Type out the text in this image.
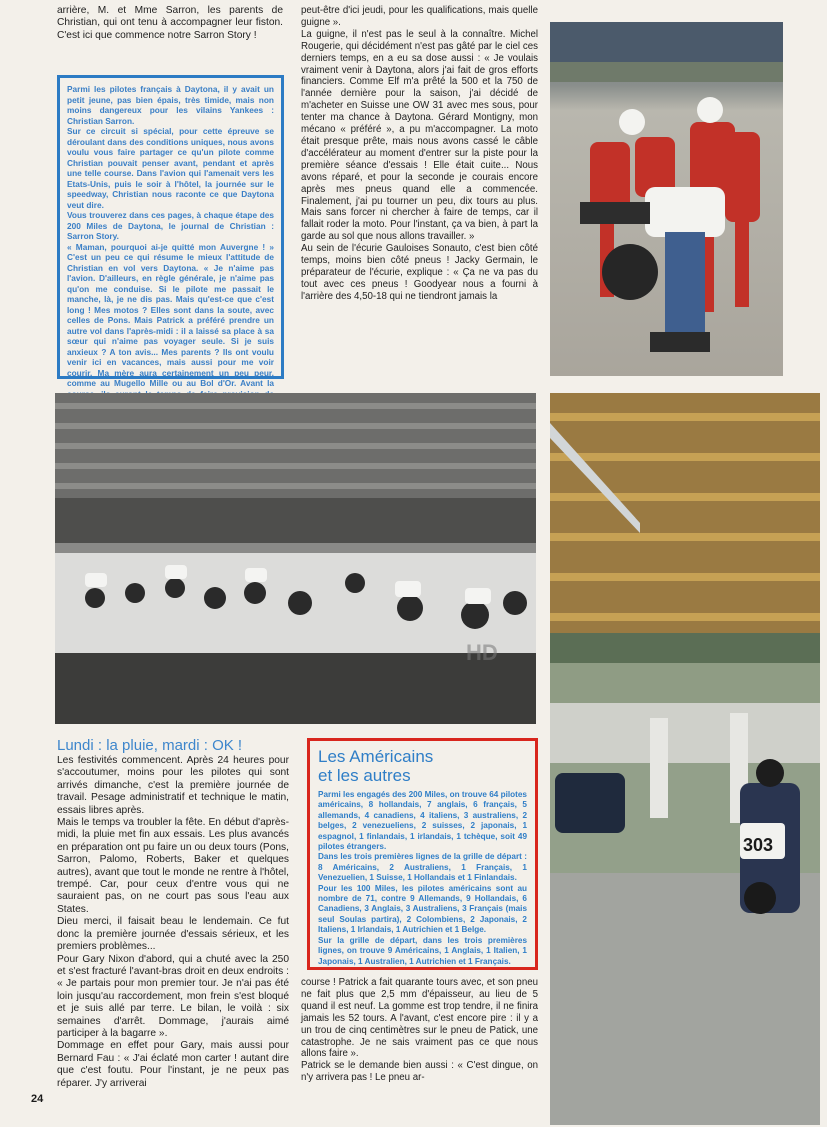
arrière, M. et Mme Sarron, les parents de Christian, qui ont tenu à accompagner leur fiston. C'est ici que commence notre Sarron Story !

Parmi les pilotes français à Daytona, il y avait un petit jeune, pas bien épais, très timide, mais non moins dangereux pour les vilains Yankees : Christian Sarron.
Sur ce circuit si spécial, pour cette épreuve se déroulant dans des conditions uniques, nous avons voulu vous faire partager ce qu'un pilote comme Christian pouvait penser avant, pendant et après une telle course. Dans l'avion qui l'amenait vers les Etats-Unis, puis le soir à l'hôtel, la journée sur le speedway, Christian nous raconte ce que Daytona veut dire.
Vous trouverez dans ces pages, à chaque étape des 200 Miles de Daytona, le journal de Christian : Sarron Story.
« Maman, pourquoi ai-je quitté mon Auvergne ! » C'est un peu ce qui résume le mieux l'attitude de Christian en vol vers Daytona. « Je n'aime pas l'avion. D'ailleurs, en règle générale, je n'aime pas qu'on me conduise. Si le pilote me passait le manche, là, je ne dis pas. Mais qu'est-ce que c'est long ! Mes motos ? Elles sont dans la soute, avec celles de Pons. Mais Patrick a préféré prendre un autre vol dans l'après-midi : il a laissé sa place à sa sœur qui n'aime pas voyager seule. Si je suis anxieux ? A ton avis... Mes parents ? Ils ont voulu venir ici en vacances, mais aussi pour me voir courir. Ma mère aura certainement un peu peur, comme au Mugello Mille ou au Bol d'Or. Avant la

peut-être d'ici jeudi, pour les qualifications, mais quelle guigne ».
La guigne, il n'est pas le seul à la connaître. Michel Rougerie, qui décidément n'est pas gâté par le ciel ces derniers temps, en a eu sa dose aussi : « Je voulais vraiment venir à Daytona, alors j'ai fait de gros efforts financiers. Comme Elf m'a prêté la 500 et la 750 de l'année dernière pour la saison, j'ai décidé de m'acheter en Suisse une OW 31 avec mes sous, pour tenter ma chance à Daytona. Gérard Montigny, mon mécano « préféré », a pu m'accompagner. La moto était presque prête, mais nous avons cassé le câble d'accélérateur au moment d'entrer sur la piste pour la première séance d'essais ! Elle était cuite... Nous avons réparé, et pour la seconde je courais encore après mes pneus quand elle a commencée. Finalement, j'ai pu tourner un peu, dix tours au plus. Mais sans forcer ni chercher à faire de temps, car il fallait roder la moto. Pour l'instant, ça va bien, à part la garde au sol que nous allons travailler. »
Au sein de l'écurie Gauloises Sonauto, c'est bien côté temps, moins bien côté pneus ! Jacky Germain, le préparateur de l'écurie, explique : « Ça ne va pas du tout avec ces pneus ! Goodyear nous a fourni à l'arrière des 4,50-18 qui ne tiendront jamais la

HD
303
Lundi : la pluie, mardi : OK !

Les festivités commencent. Après 24 heures pour s'accoutumer, moins pour les pilotes qui sont arrivés dimanche, c'est la première journée de travail. Pesage administratif et technique le matin, essais libres après.
Mais le temps va troubler la fête. En début d'après-midi, la pluie met fin aux essais. Les plus avancés en préparation ont pu faire un ou deux tours (Pons, Sarron, Palomo, Roberts, Baker et quelques autres), avant que tout le monde ne rentre à l'hôtel, trempé. Car, pour ceux d'entre vous qui ne sauraient pas, on ne court pas sous l'eau aux States.
Dieu merci, il faisait beau le lendemain. Ce fut donc la première journée d'essais sérieux, et les premiers problèmes...
Pour Gary Nixon d'abord, qui a chuté avec la 250 et s'est fracturé l'avant-bras droit en deux endroits : « Je partais pour mon premier tour. Je n'ai pas été loin jusqu'au raccordement, mon frein s'est bloqué et je suis allé par terre. Le bilan, le voilà : six semaines d'arrêt. Dommage, j'aurais aimé participer à la bagarre ».
Dommage en effet pour Gary, mais aussi pour Bernard Fau : « J'ai éclaté mon carter ! autant dire que c'est foutu. Pour l'instant, je ne peux pas réparer. J'y arriverai

Les Américains
et les autres

Parmi les engagés des 200 Miles, on trouve 64 pilotes américains, 8 hollandais, 7 anglais, 6 français, 5 allemands, 4 canadiens, 4 italiens, 3 australiens, 2 belges, 2 venezueliens, 2 suisses, 2 japonais, 1 espagnol, 1 finlandais, 1 irlandais, 1 tchèque, soit 49 pilotes étrangers.
Dans les trois premières lignes de la grille de départ : 8 Américains, 2 Australiens, 1 Français, 1 Venezuelien, 1 Suisse, 1 Hollandais et 1 Finlandais.
Pour les 100 Miles, les pilotes américains sont au nombre de 71, contre 9 Allemands, 9 Hollandais, 6 Canadiens, 3 Anglais, 3 Australiens, 3 Français (mais seul Soulas partira), 2 Colombiens, 2 Japonais, 2 Italiens, 1 Irlandais, 1 Autrichien et 1 Belge.
Sur la grille de départ, dans les trois premières lignes, on trouve 9 Américains, 1 Anglais, 1 Italien, 1 Japonais, 1 Australien, 1 Autrichien et 1 Français.

course ! Patrick a fait quarante tours avec, et son pneu ne fait plus que 2,5 mm d'épaisseur, au lieu de 5 quand il est neuf. La gomme est trop tendre, il ne finira jamais les 52 tours. A l'avant, c'est encore pire : il y a un trou de cinq centimètres sur le pneu de Patick, une catastrophe. Je ne sais vraiment pas ce que nous allons faire ».
Patrick se le demande bien aussi : « C'est dingue, on n'y arrivera pas ! Le pneu ar-

24
